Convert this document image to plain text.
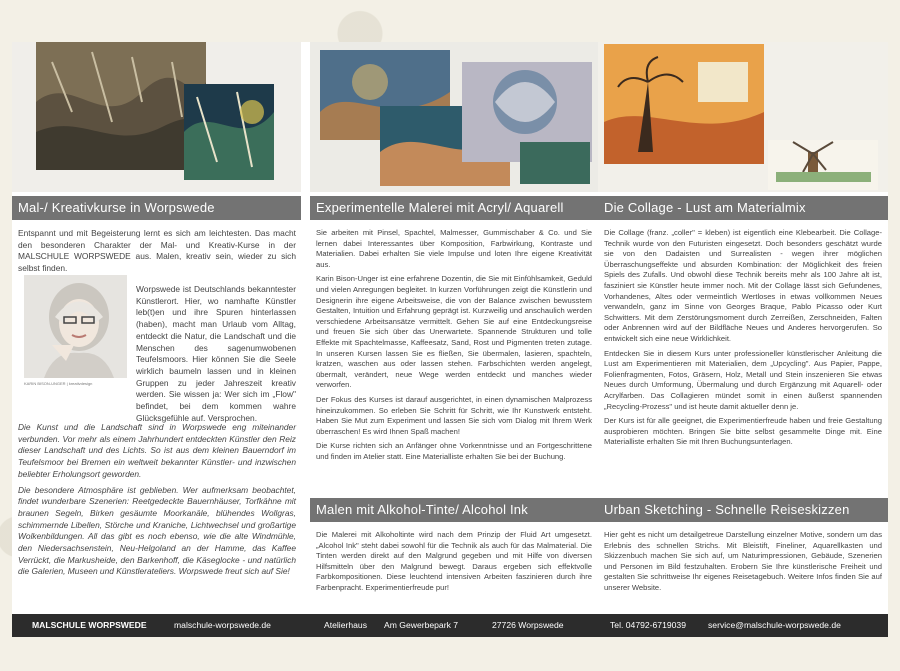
Mal-/ Kreativkurse in Worpswede

Entspannt und mit Begeisterung lernt es sich am leichtesten. Das macht den besonderen Charakter der Mal- und Kreativ-Kurse in der MALSCHULE WORPSWEDE aus. Malen, kreativ sein, wieder zu sich selbst finden.

Worpswede ist Deutschlands bekanntester Künstlerort. Hier, wo namhafte Künstler leb(t)en und ihre Spuren hinterlassen (haben), macht man Urlaub vom Alltag, entdeckt die Natur, die Landschaft und die Menschen des sagenumwobenen Teufelsmoors. Hier können Sie die Seele wirklich baumeln lassen und in kleinen Gruppen zu jeder Jahreszeit kreativ werden. Sie wissen ja: Wer sich im „Flow" befindet, bei dem kommen wahre Glücksgefühle auf. Versprochen.

Die Kunst und die Landschaft sind in Worpswede eng miteinander verbunden. Vor mehr als einem Jahrhundert entdeckten Künstler den Reiz dieser Landschaft und des Lichts. So ist aus dem kleinen Bauerndorf im Teufelsmoor bei Bremen ein weltweit bekannter Künstler- und inzwischen beliebter Erholungsort geworden.

Die besondere Atmosphäre ist geblieben. Wer aufmerksam beobachtet, findet wunderbare Szenerien: Reetgedeckte Bauernhäuser, Torfkähne mit braunen Segeln, Birken gesäumte Moorkanäle, blühendes Wollgras, schimmernde Libellen, Störche und Kraniche, Lichtwechsel und großartige Wolkenbildungen. All das gibt es noch ebenso, wie die alte Windmühle, den Niedersachsenstein, Neu-Helgoland an der Hamme, das Kaffee Verrückt, die Markusheide, den Barkenhoff, die Käseglocke - und natürlich die Galerien, Museen und Künstlerateliers. Worpswede freut sich auf Sie!

Experimentelle Malerei mit Acryl/ Aquarell

Sie arbeiten mit Pinsel, Spachtel, Malmesser, Gummischaber & Co. und Sie lernen dabei Interessantes über Komposition, Farbwirkung, Kontraste und Materialien. Dabei erhalten Sie viele Impulse und loten Ihre eigene Kreativität aus.

Karin Bison-Unger ist eine erfahrene Dozentin, die Sie mit Einfühlsamkeit, Geduld und vielen Anregungen begleitet. In kurzen Vorführungen zeigt die Künstlerin und Designerin ihre eigene Arbeitsweise, die von der Balance zwischen bewusstem Gestalten, Intuition und Erfahrung geprägt ist. Kurzweilig und anschaulich werden verschiedene Arbeitsansätze vermittelt. Gehen Sie auf eine Entdeckungsreise und freuen Sie sich über das Unerwartete. Spannende Strukturen und tolle Effekte mit Spachtelmasse, Kaffeesatz, Sand, Rost und Pigmenten treten zutage. In unseren Kursen lassen Sie es fließen, Sie übermalen, lasieren, spachteln, kratzen, waschen aus oder lassen stehen. Farbschichten werden angelegt, übermalt, verändert, neue Wege werden entdeckt und manches wieder verworfen.

Der Fokus des Kurses ist darauf ausgerichtet, in einen dynamischen Malprozess hineinzukommen. So erleben Sie Schritt für Schritt, wie Ihr Kunstwerk entsteht. Haben Sie Mut zum Experiment und lassen Sie sich vom Dialog mit Ihrem Werk überraschen! Es wird Ihnen Spaß machen!

Die Kurse richten sich an Anfänger ohne Vorkenntnisse und an Fortgeschrittene und finden im Atelier statt. Eine Materialliste erhalten Sie bei der Buchung.

Malen mit Alkohol-Tinte/ Alcohol Ink

Die Malerei mit Alkoholtinte wird nach dem Prinzip der Fluid Art umgesetzt. „Alcohol Ink" steht dabei sowohl für die Technik als auch für das Malmaterial. Die Tinten werden direkt auf den Malgrund gegeben und mit Hilfe von diversen Hilfsmitteln über den Malgrund bewegt. Daraus ergeben sich effektvolle Farbkompositionen. Diese leuchtend intensiven Arbeiten faszinieren durch ihre Farbenpracht. Experimentierfreude pur!

Die Collage - Lust am Materialmix

Die Collage (franz. „coller" = kleben) ist eigentlich eine Klebearbeit. Die Collage-Technik wurde von den Futuristen eingesetzt. Doch besonders geschätzt wurde sie von den Dadaisten und Surrealisten - wegen ihrer möglichen Überraschungseffekte und absurden Kombination: der Möglichkeit des freien Spiels des Zufalls. Und obwohl diese Technik bereits mehr als 100 Jahre alt ist, fasziniert sie Künstler heute immer noch. Mit der Collage lässt sich Gefundenes, Vorhandenes, Altes oder vermeintlich Wertloses in etwas vollkommen Neues verwandeln, ganz im Sinne von Georges Braque, Pablo Picasso oder Kurt Schwitters. Mit dem Zerstörungsmoment durch Zerreißen, Zerschneiden, Falten oder Anbrennen wird auf der Bildfläche Neues und Anderes hervorgerufen. So entwickelt sich eine neue Wirklichkeit.

Entdecken Sie in diesem Kurs unter professioneller künstlerischer Anleitung die Lust am Experimentieren mit Materialien, dem „Upcycling". Aus Papier, Pappe, Folienfragmenten, Fotos, Gräsern, Holz, Metall und Stein inszenieren Sie etwas Neues durch Umformung, Übermalung und durch Ergänzung mit Aquarell- oder Acrylfarben. Das Collagieren mündet somit in einen äußerst spannenden „Recycling-Prozess" und ist heute damit aktueller denn je.

Der Kurs ist für alle geeignet, die Experimentierfreude haben und freie Gestaltung ausprobieren möchten. Bringen Sie bitte selbst gesammelte Dinge mit. Eine Materialliste erhalten Sie mit Ihren Buchungsunterlagen.

Urban Sketching - Schnelle Reiseskizzen

Hier geht es nicht um detailgetreue Darstellung einzelner Motive, sondern um das Erlebnis des schnellen Strichs. Mit Bleistift, Fineliner, Aquarellkasten und Skizzenbuch machen Sie sich auf, um Naturimpressionen, Gebäude, Szenerien und Personen im Bild festzuhalten. Erobern Sie Ihre künstlerische Freiheit und gestalten Sie schrittweise Ihr eigenes Reisetagebuch. Weitere Infos finden Sie auf unserer Website.

KARIN BISON-UNGER | kreativdesign
MALSCHULE WORPSWEDE	malschule-worpswede.de	Atelierhaus Am Gewerbepark 7	27726 Worpswede	Tel. 04792-6719039	service@malschule-worpswede.de
